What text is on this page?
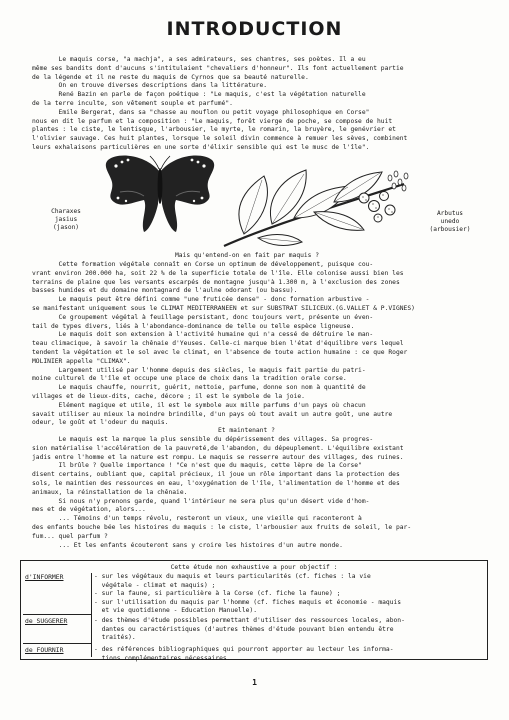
INTRODUCTION
Le maquis corse, "a machja", a ses admirateurs, ses chantres, ses poètes. Il a eu
même ses bandits dont d'aucuns s'intitulaient "chevaliers d'honneur". Ils font actuellement partie
de la légende et il ne reste du maquis de Cyrnos que sa beauté naturelle.
On en trouve diverses descriptions dans la littérature.
René Bazin en parle de façon poétique : "Le maquis, c'est la végétation naturelle
de la terre inculte, son vêtement souple et parfumé".
Emile Bergerat, dans sa "chasse au mouflon ou petit voyage philosophique en Corse"
nous en dit le parfum et la composition : "Le maquis, forêt vierge de poche, se compose de huit
plantes : le ciste, le lentisque, l'arbousier, le myrte, le romarin, la bruyère, le genévrier et
l'olivier sauvage. Ces huit plantes, lorsque le soleil divin commence à remuer les sèves, combinent
leurs exhalaisons particulières en une sorte d'élixir sensible qui est le musc de l'île".
Charaxes
jasius
(jason)
Arbutus
unedo
(arbousier)
Mais qu'entend-on en fait par maquis ?
Cette formation végétale connaît en Corse un optimum de développement, puisque cou-
vrant environ 200.000 ha, soit 22 % de la superficie totale de l'île. Elle colonise aussi bien les
terrains de plaine que les versants escarpés de montagne jusqu'à 1.300 m, à l'exclusion des zones
basses humides et du domaine montagnard de l'aulne odorant (ou bassu).
Le maquis peut être défini comme "une fruticée dense" - donc formation arbustive -
se manifestant uniquement sous le CLIMAT MEDITERRANEEN et sur SUBSTRAT SILICEUX.(G.VALLET & P.VIGNES)
Ce groupement végétal à feuillage persistant, donc toujours vert, présente un éven-
tail de types divers, liés à l'abondance-dominance de telle ou telle espèce ligneuse.
Le maquis doit son extension à l'activité humaine qui n'a cessé de détruire le man-
teau climacique, à savoir la chênaie d'Yeuses. Celle-ci marque bien l'état d'équilibre vers lequel
tendent la végétation et le sol avec le climat, en l'absence de toute action humaine : ce que Roger
MOLINIER appelle "CLIMAX".
Largement utilisé par l'homme depuis des siècles, le maquis fait partie du patri-
moine culturel de l'île et occupe une place de choix dans la tradition orale corse.
Le maquis chauffe, nourrit, guérit, nettoie, parfume, donne son nom à quantité de
villages et de lieux-dits, cache, décore ; il est le symbole de la joie.
Elément magique et utile, il est le symbole aux mille parfums d'un pays où chacun
savait utiliser au mieux la moindre brindille, d'un pays où tout avait un autre goût, une autre
odeur, le goût et l'odeur du maquis.
Et maintenant ?
Le maquis est la marque la plus sensible du dépérissement des villages. Sa progres-
sion matérialise l'accélération de la pauvreté,de l'abandon, du dépeuplement. L'équilibre existant
jadis entre l'homme et la nature est rompu. Le maquis se resserre autour des villages, des ruines.
Il brûle ? Quelle importance ! "Ce n'est que du maquis, cette lèpre de la Corse"
disent certains, oubliant que, capital précieux, il joue un rôle important dans la protection des
sols, le maintien des ressources en eau, l'oxygénation de l'île, l'alimentation de l'homme et des
animaux, la réinstallation de la chênaie.
Si nous n'y prenons garde, quand l'intérieur ne sera plus qu'un désert vide d'hom-
mes et de végétation, alors...
... Témoins d'un temps révolu, resteront un vieux, une vieille qui raconteront à
des enfants bouche bée les histoires du maquis : le ciste, l'arbousier aux fruits de soleil, le par-
fum... quel parfum ?
... Et les enfants écouteront sans y croire les histoires d'un autre monde.
Cette étude non exhaustive a pour objectif :
d'INFORMER	- sur les végétaux du maquis et leurs particularités (cf. fiches : la vie
végétale - climat et maquis) ;
- sur la faune, si particulière à la Corse (cf. fiche la faune) ;
- sur l'utilisation du maquis par l'homme (cf. fiches maquis et économie - maquis
et vie quotidienne - Education Manuelle).
de SUGGERER	- des thèmes d'étude possibles permettant d'utiliser des ressources locales, abon-
dantes ou caractéristiques (d'autres thèmes d'étude pouvant bien entendu être
traités).
de FOURNIR	- des références bibliographiques qui pourront apporter au lecteur les informa-
tions complémentaires nécessaires.
1
